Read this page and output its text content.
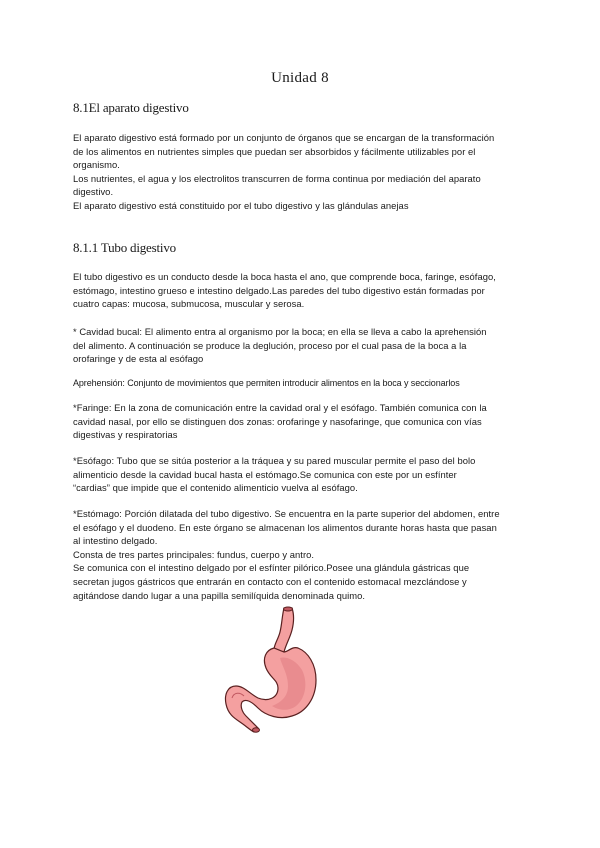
Unidad 8
8.1El aparato digestivo
El aparato digestivo está formado por un conjunto de órganos que se encargan de la transformación
de los alimentos en nutrientes simples que puedan ser absorbidos y fácilmente utilizables por el
organismo.
Los nutrientes, el agua y los electrolitos transcurren de forma continua por mediación del aparato
digestivo.
El aparato digestivo está constituido por el tubo digestivo y las glándulas anejas
8.1.1 Tubo digestivo
El tubo digestivo es un conducto desde la boca hasta el ano, que comprende boca, faringe, esófago,
estómago, intestino grueso e intestino delgado.Las paredes del tubo digestivo están formadas por
cuatro capas: mucosa, submucosa, muscular y serosa.
* Cavidad bucal: El alimento entra al organismo por la boca; en ella se lleva a cabo la aprehensión
del alimento. A continuación se produce la deglución, proceso por el cual pasa de la boca a la
orofaringe y de esta al esófago
Aprehensión: Conjunto de movimientos que permiten introducir alimentos en la boca y seccionarlos
*Faringe: En la zona de comunicación entre la cavidad oral y el esófago. También comunica con la
cavidad nasal, por ello se distinguen dos zonas: orofaringe y nasofaringe, que comunica con vías
digestivas y respiratorias
*Esófago: Tubo que se sitúa posterior a la tráquea y su pared muscular permite el paso del bolo
alimenticio desde la cavidad bucal hasta el estómago.Se comunica con este por un esfínter
“cardias” que impide que el contenido alimenticio vuelva al esófago.
*Estómago: Porción dilatada del tubo digestivo. Se encuentra en la parte superior del abdomen, entre
el esófago y el duodeno. En este órgano se almacenan los alimentos durante horas hasta que pasan
al intestino delgado.
Consta de tres partes principales: fundus, cuerpo y antro.
Se comunica con el intestino delgado por el esfínter pilórico.Posee una glándula gástricas que
secretan jugos gástricos que entrarán en contacto con el contenido estomacal mezclándose y
agitándose dando lugar a una papilla semilíquida denominada quimo.
